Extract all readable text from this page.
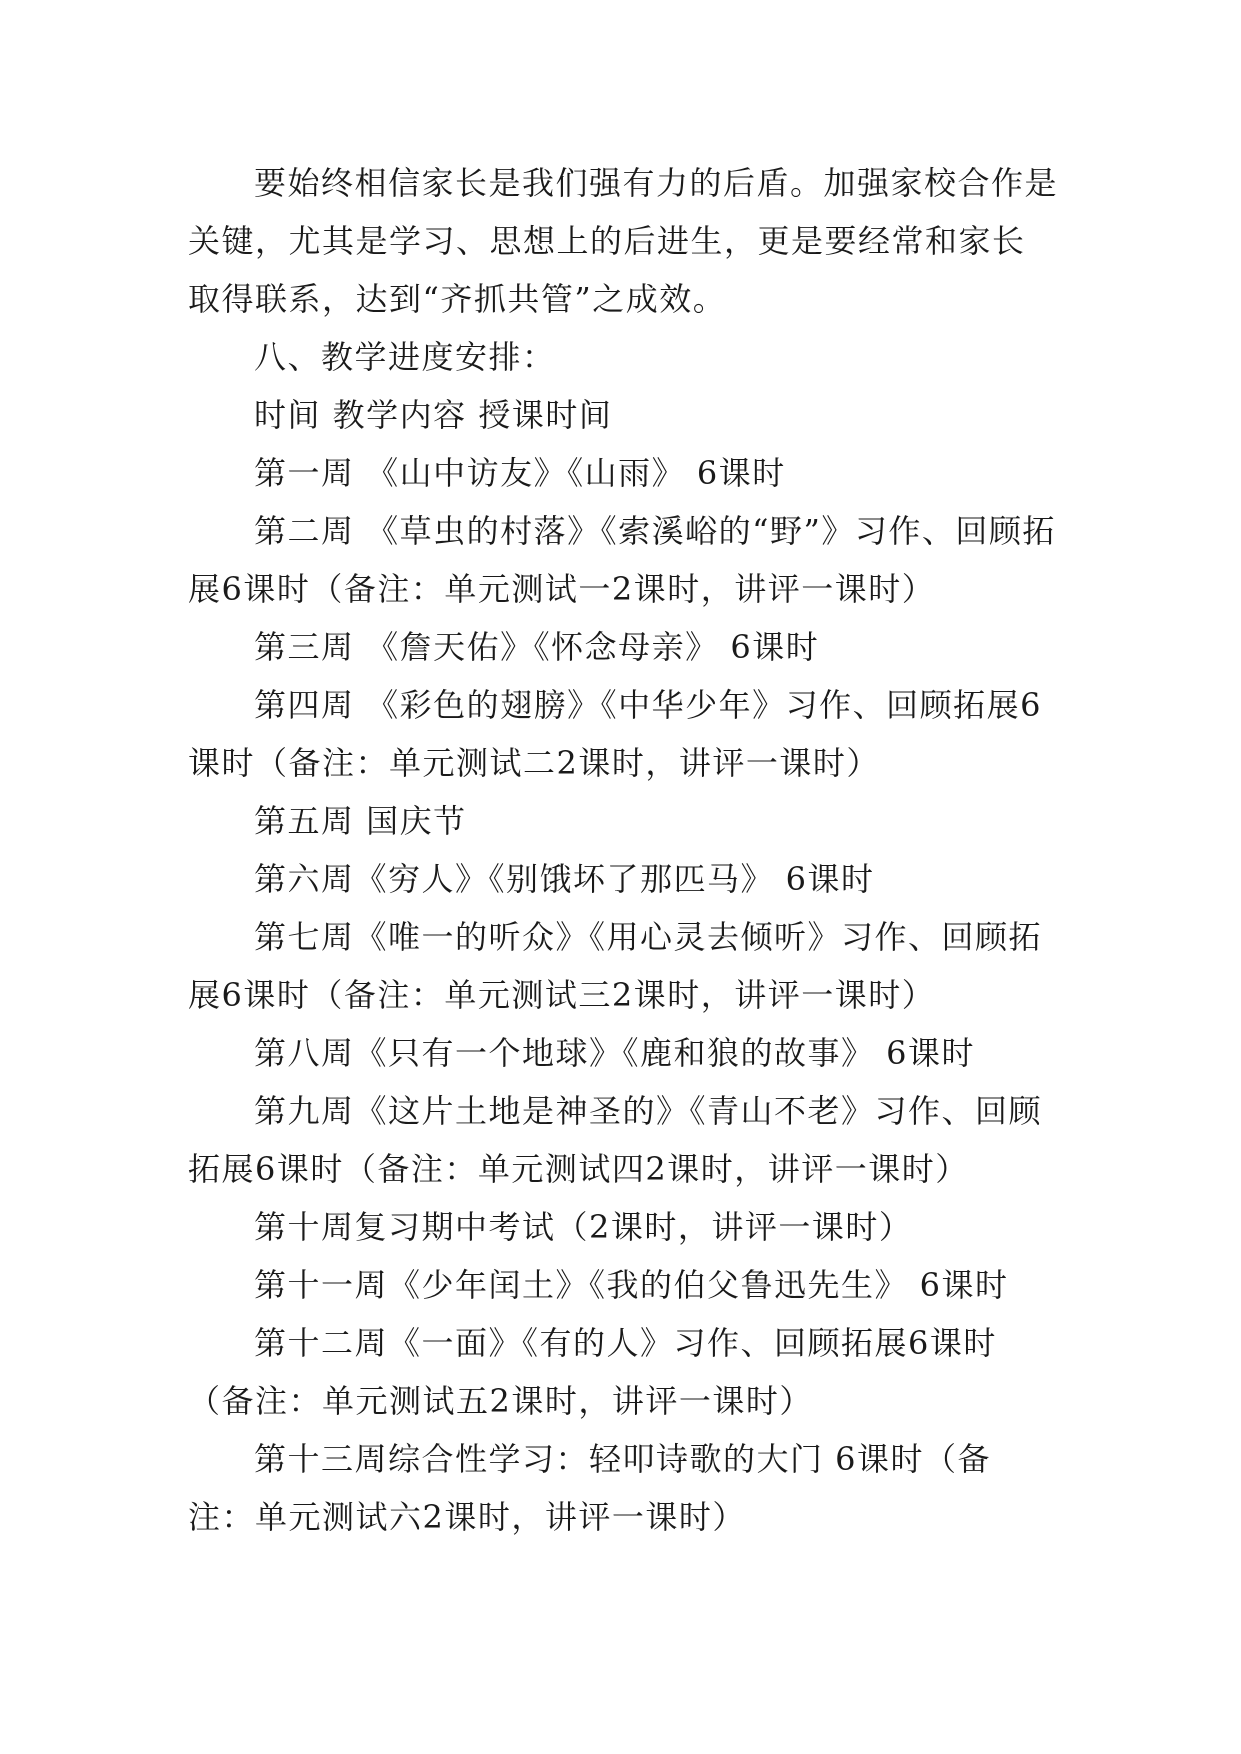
要始终相信家长是我们强有力的后盾。加强家校合作是关键，尤其是学习、思想上的后进生，更是要经常和家长取得联系，达到“齐抓共管”之成效。

八、教学进度安排：

时间 教学内容 授课时间

第一周 《山中访友》《山雨》 6课时

第二周 《草虫的村落》《索溪峪的“野”》习作、回顾拓展6课时（备注：单元测试一2课时，讲评一课时）

第三周 《詹天佑》《怀念母亲》 6课时

第四周 《彩色的翅膀》《中华少年》习作、回顾拓展6课时（备注：单元测试二2课时，讲评一课时）

第五周 国庆节

第六周《穷人》《别饿坏了那匹马》 6课时

第七周《唯一的听众》《用心灵去倾听》习作、回顾拓展6课时（备注：单元测试三2课时，讲评一课时）

第八周《只有一个地球》《鹿和狼的故事》 6课时

第九周《这片土地是神圣的》《青山不老》习作、回顾拓展6课时（备注：单元测试四2课时，讲评一课时）

第十周复习期中考试（2课时，讲评一课时）

第十一周《少年闰土》《我的伯父鲁迅先生》 6课时

第十二周《一面》《有的人》习作、回顾拓展6课时（备注：单元测试五2课时，讲评一课时）

第十三周综合性学习：轻叩诗歌的大门 6课时（备注：单元测试六2课时，讲评一课时）
